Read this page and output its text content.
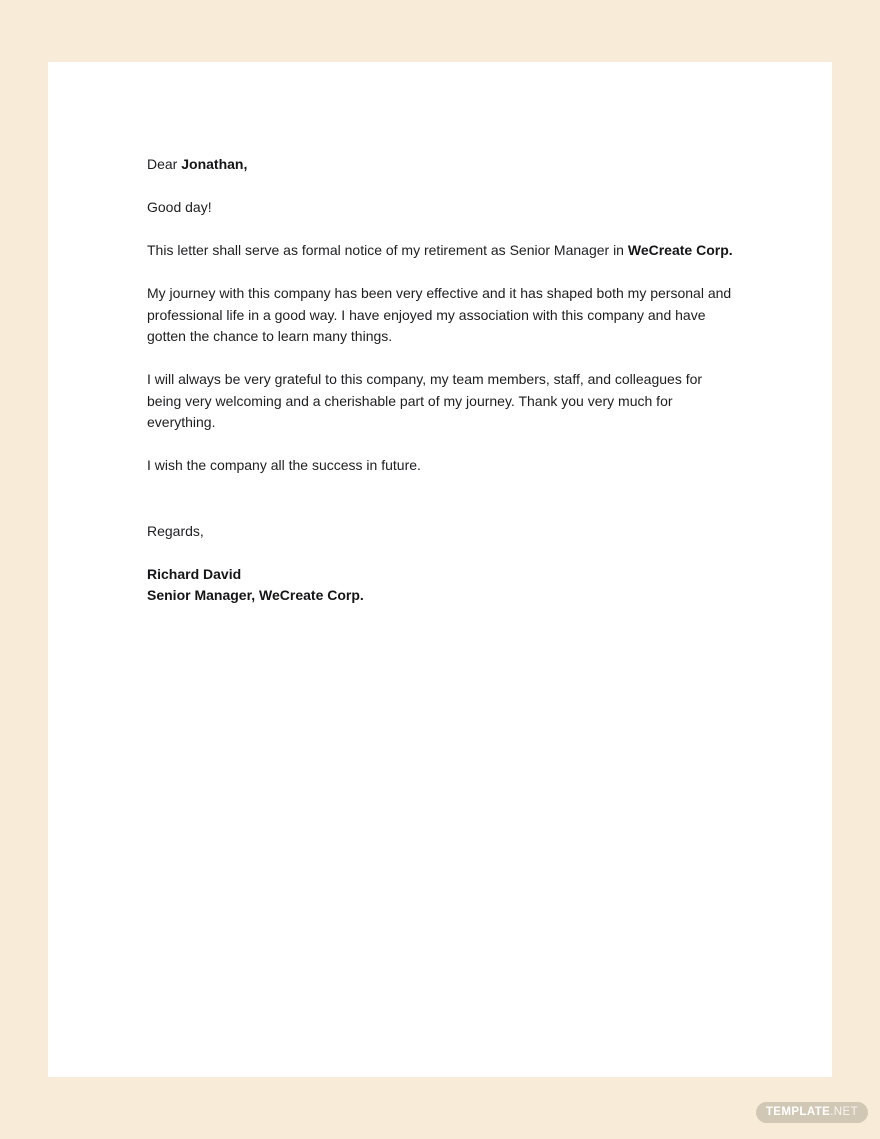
Dear Jonathan,

Good day!

This letter shall serve as formal notice of my retirement as Senior Manager in WeCreate Corp.

My journey with this company has been very effective and it has shaped both my personal and professional life in a good way. I have enjoyed my association with this company and have gotten the chance to learn many things.

I will always be very grateful to this company, my team members, staff, and colleagues for being very welcoming and a cherishable part of my journey. Thank you very much for everything.

I wish the company all the success in future.

Regards,

Richard David
Senior Manager, WeCreate Corp.

TEMPLATE .NET
